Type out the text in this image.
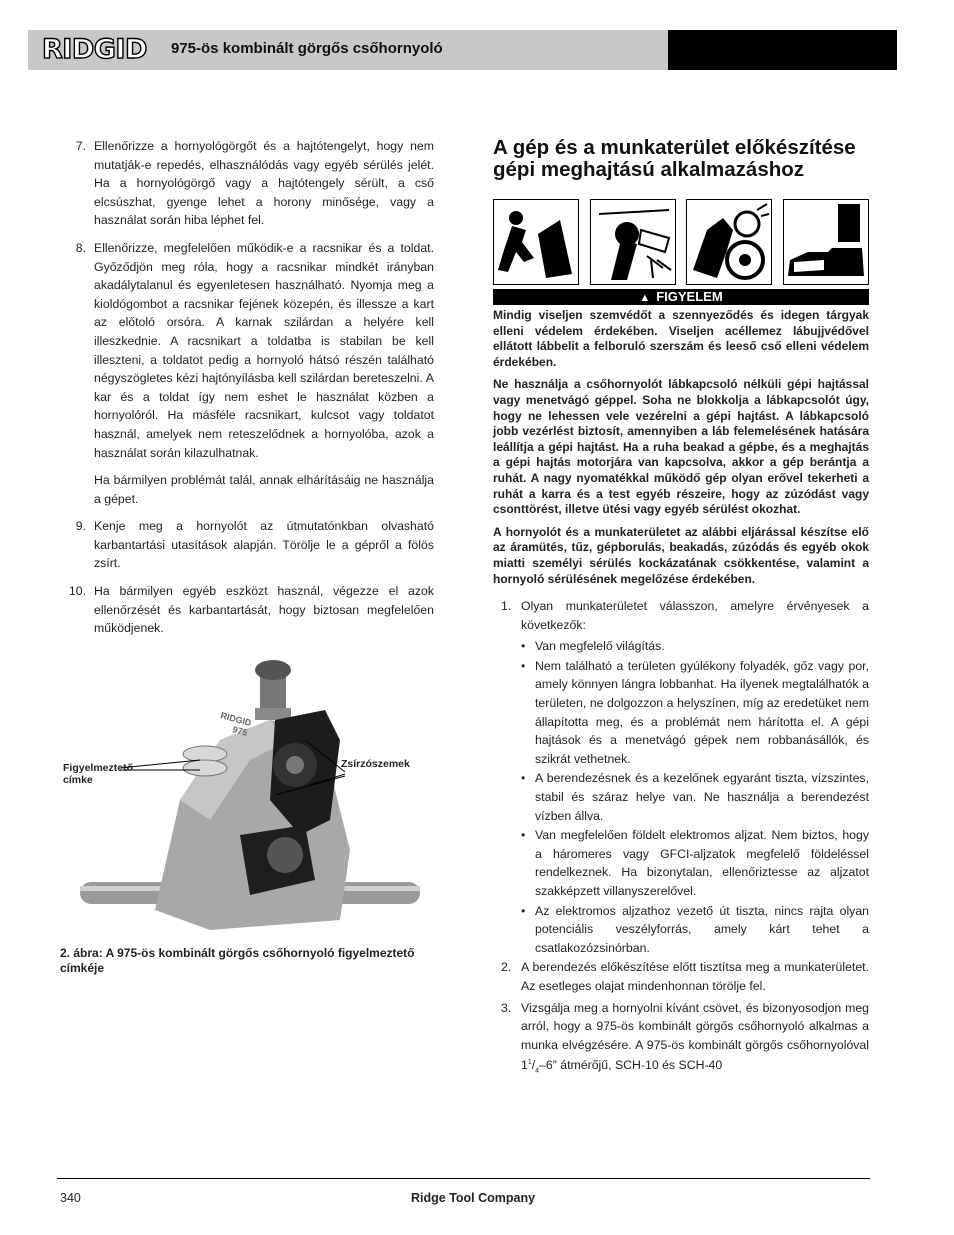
RIDGID 975-ös kombinált görgős csőhornyoló
7. Ellenőrizze a hornyológörgőt és a hajtótengelyt, hogy nem mutatják-e repedés, elhasználódás vagy egyéb sérülés jelét. Ha a hornyológörgő vagy a hajtótengely sérült, a cső elcsúszhat, gyenge lehet a horony minősége, vagy a használat során hiba léphet fel.
8. Ellenőrizze, megfelelően működik-e a racsnikar és a toldat. Győződjön meg róla, hogy a racsnikar mindkét irányban akadálytalanul és egyenletesen használható. Nyomja meg a kioldógombot a racsnikar fejének közepén, és illessze a kart az előtoló orsóra. A karnak szilárdan a helyére kell illeszkednie. A racsnikart a toldatba is stabilan be kell illeszteni, a toldatot pedig a hornyoló hátsó részén található négyszögletes kézi hajtónyílásba kell szilárdan bereteszelni. A kar és a toldat így nem eshet le használat közben a hornyolóról. Ha másféle racsnikart, kulcsot vagy toldatot használ, amelyek nem reteszelődnek a hornyolóba, azok a használat során kilazulhatnak.
Ha bármilyen problémát talál, annak elhárításáig ne használja a gépet.
9. Kenje meg a hornyolót az útmutatónkban olvasható karbantartási utasítások alapján. Törölje le a gépről a fölös zsírt.
10. Ha bármilyen egyéb eszközt használ, végezze el azok ellenőrzését és karbantartását, hogy biztosan megfelelően működjenek.
RIDGID
975
Figyelmeztető címke
Zsírzószemek
2. ábra: A 975-ös kombinált görgős csőhornyoló figyelmeztető címkéje
A gép és a munkaterület előkészítése gépi meghajtású alkalmazáshoz
▲ FIGYELEM
Mindig viseljen szemvédőt a szennyeződés és idegen tárgyak elleni védelem érdekében. Viseljen acéllemez lábujjvédővel ellátott lábbelit a felboruló szerszám és leeső cső elleni védelem érdekében.
Ne használja a csőhornyolót lábkapcsoló nélküli gépi hajtással vagy menetvágó géppel. Soha ne blokkolja a lábkapcsolót úgy, hogy ne lehessen vele vezérelni a gépi hajtást. A lábkapcsoló jobb vezérlést biztosít, amennyiben a láb felemelésének hatására leállítja a gépi hajtást. Ha a ruha beakad a gépbe, és a meghajtás a gépi hajtás motorjára van kapcsolva, akkor a gép berántja a ruhát. A nagy nyomatékkal működő gép olyan erővel tekerheti a ruhát a karra és a test egyéb részeire, hogy az zúzódást vagy csonttörést, illetve ütési vagy egyéb sérülést okozhat.
A hornyolót és a munkaterületet az alábbi eljárással készítse elő az áramütés, tűz, gépborulás, beakadás, zúzódás és egyéb okok miatti személyi sérülés kockázatának csökkentése, valamint a hornyoló sérülésének megelőzése érdekében.
1. Olyan munkaterületet válasszon, amelyre érvényesek a következők:
• Van megfelelő világítás.
• Nem található a területen gyúlékony folyadék, gőz vagy por, amely könnyen lángra lobbanhat. Ha ilyenek megtalálhatók a területen, ne dolgozzon a helyszínen, míg az eredetüket nem állapította meg, és a problémát nem hárította el. A gépi hajtások és a menetvágó gépek nem robbanásállók, és szikrát vethetnek.
• A berendezésnek és a kezelőnek egyaránt tiszta, vízszintes, stabil és száraz helye van. Ne használja a berendezést vízben állva.
• Van megfelelően földelt elektromos aljzat. Nem biztos, hogy a háromeres vagy GFCI-aljzatok megfelelő földeléssel rendelkeznek. Ha bizonytalan, ellenőriztesse az aljzatot szakképzett villanyszerelővel.
• Az elektromos aljzathoz vezető út tiszta, nincs rajta olyan potenciális veszélyforrás, amely kárt tehet a csatlakozózsinórban.
2. A berendezés előkészítése előtt tisztítsa meg a munkaterületet. Az esetleges olajat mindenhonnan törölje fel.
3. Vizsgálja meg a hornyolni kívánt csövet, és bizonyosodjon meg arról, hogy a 975-ös kombinált görgős csőhornyoló alkalmas a munka elvégzésére. A 975-ös kombinált görgős csőhornyolóval $1^1/_4-6$” átmérőjű, SCH-10 és SCH-40
340	Ridge Tool Company
